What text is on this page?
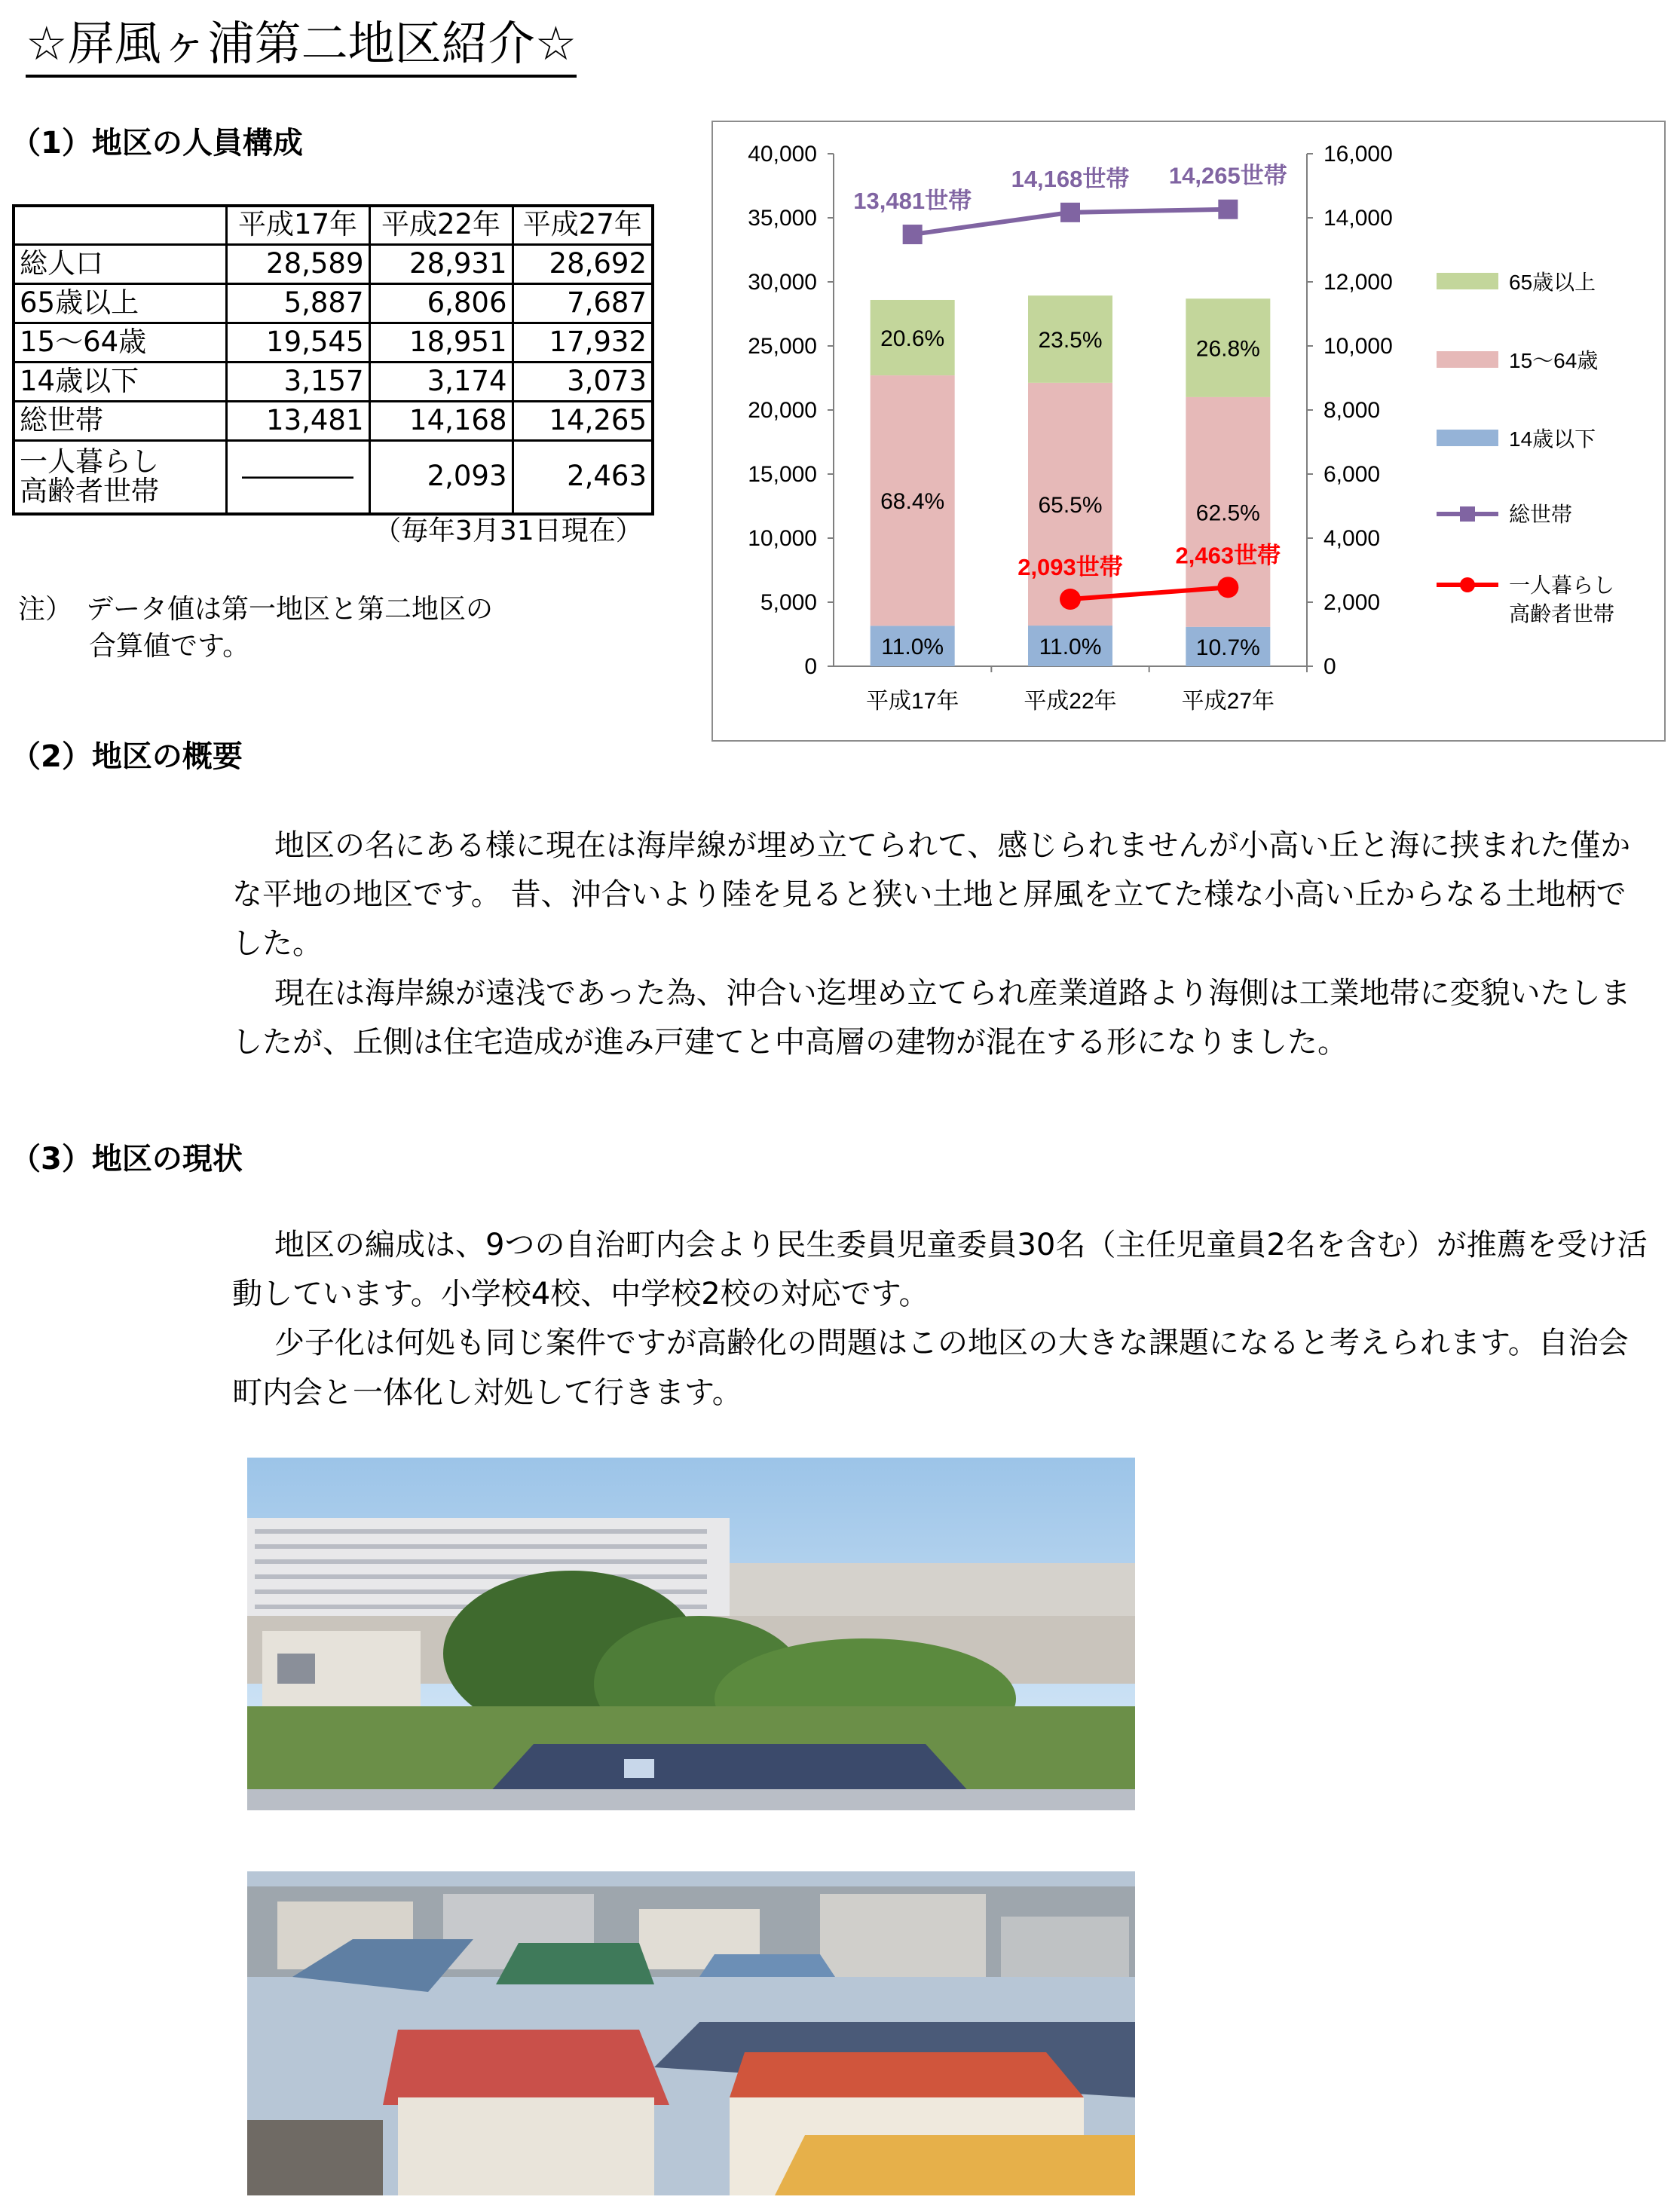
☆屏風ヶ浦第二地区紹介☆
（1）地区の人員構成
	平成17年	平成22年	平成27年
総人口	28,589	28,931	28,692
65歳以上	5,887	6,806	7,687
15～64歳	19,545	18,951	17,932
14歳以下	3,157	3,174	3,073
総世帯	13,481	14,168	14,265

一人暮らし
高齢者世帯	――――	2,093	2,463
（毎年3月31日現在）
注）　データ値は第一地区と第二地区の
合算値です。
40,000
35,000
30,000
25,000
20,000
15,000
10,000
5,000
0
16,000
14,000
12,000
10,000
8,000
6,000
4,000
2,000
0
平成17年	平成22年	平成27年
11.0%	11.0%	10.7%
68.4%	65.5%	62.5%
20.6%	23.5%	26.8%
13,481世帯
14,168世帯 14,265世帯
2,093世帯 2,463世帯
65歳以上
15～64歳
14歳以下
総世帯
一人暮らし
高齢者世帯
（2）地区の概要

地区の名にある様に現在は海岸線が埋め立てられて、感じられませんが小高い丘と海に挟まれた僅かな平地の地区です。 昔、沖合いより陸を見ると狭い土地と屏風を立てた様な小高い丘からなる土地柄でした。

現在は海岸線が遠浅であった為、沖合い迄埋め立てられ産業道路より海側は工業地帯に変貌いたしましたが、丘側は住宅造成が進み戸建てと中高層の建物が混在する形になりました。

（3）地区の現状

地区の編成は、9つの自治町内会より民生委員児童委員30名（主任児童員2名を含む）が推薦を受け活動しています。小学校4校、中学校2校の対応です。

少子化は何処も同じ案件ですが高齢化の問題はこの地区の大きな課題になると考えられます。自治会町内会と一体化し対処して行きます。
